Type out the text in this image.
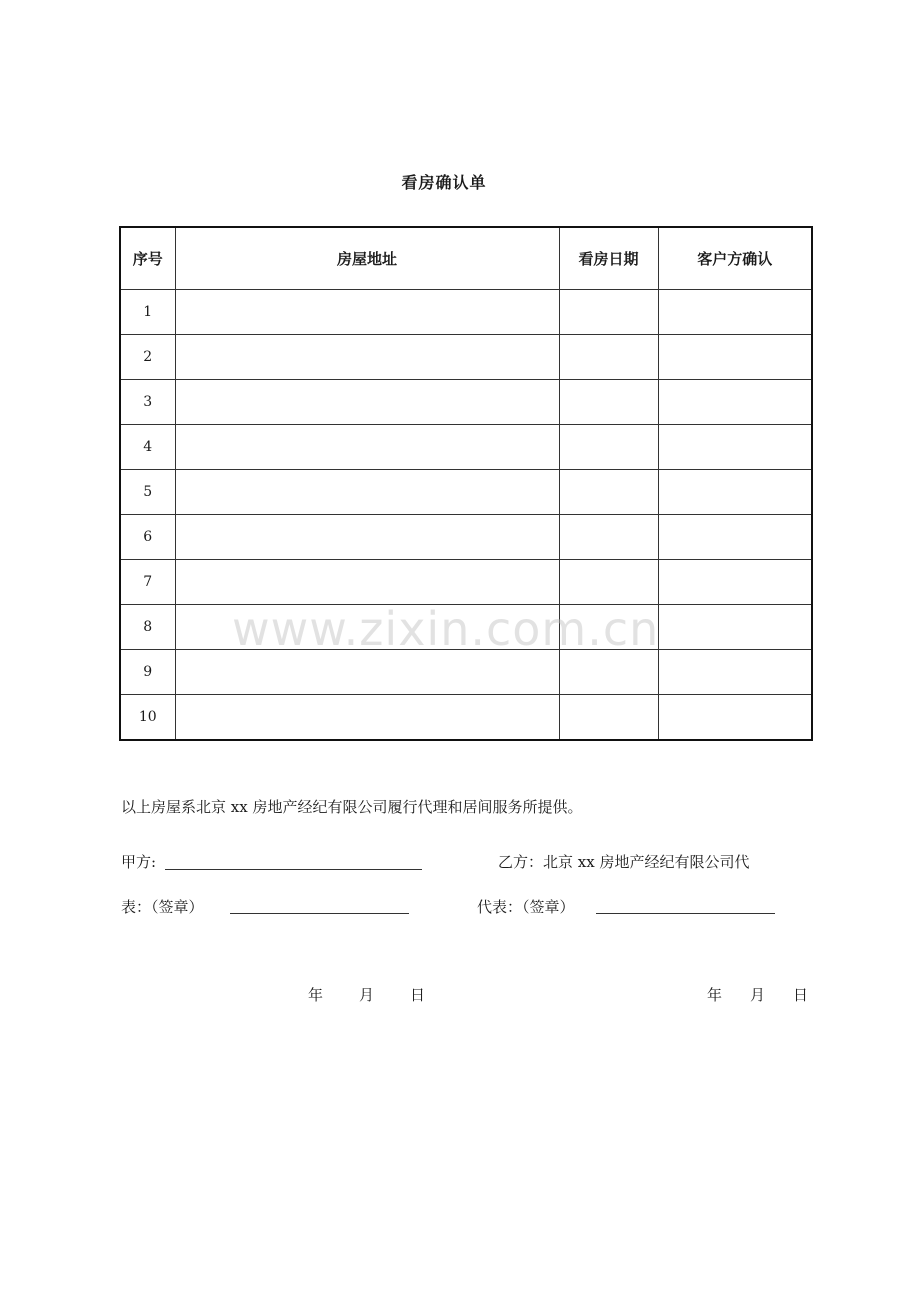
看房确认单
序号	房屋地址	看房日期	客户方确认
1			
2			
3			
4			
5			
6			
7			
8			
9			
10			
www.zixin.com.cn
以上房屋系北京 xx 房地产经纪有限公司履行代理和居间服务所提供。
甲方:	乙方：北京 xx 房地产经纪有限公司代
表：（签章）	代表：（签章）
年 月 日	年 月 日
